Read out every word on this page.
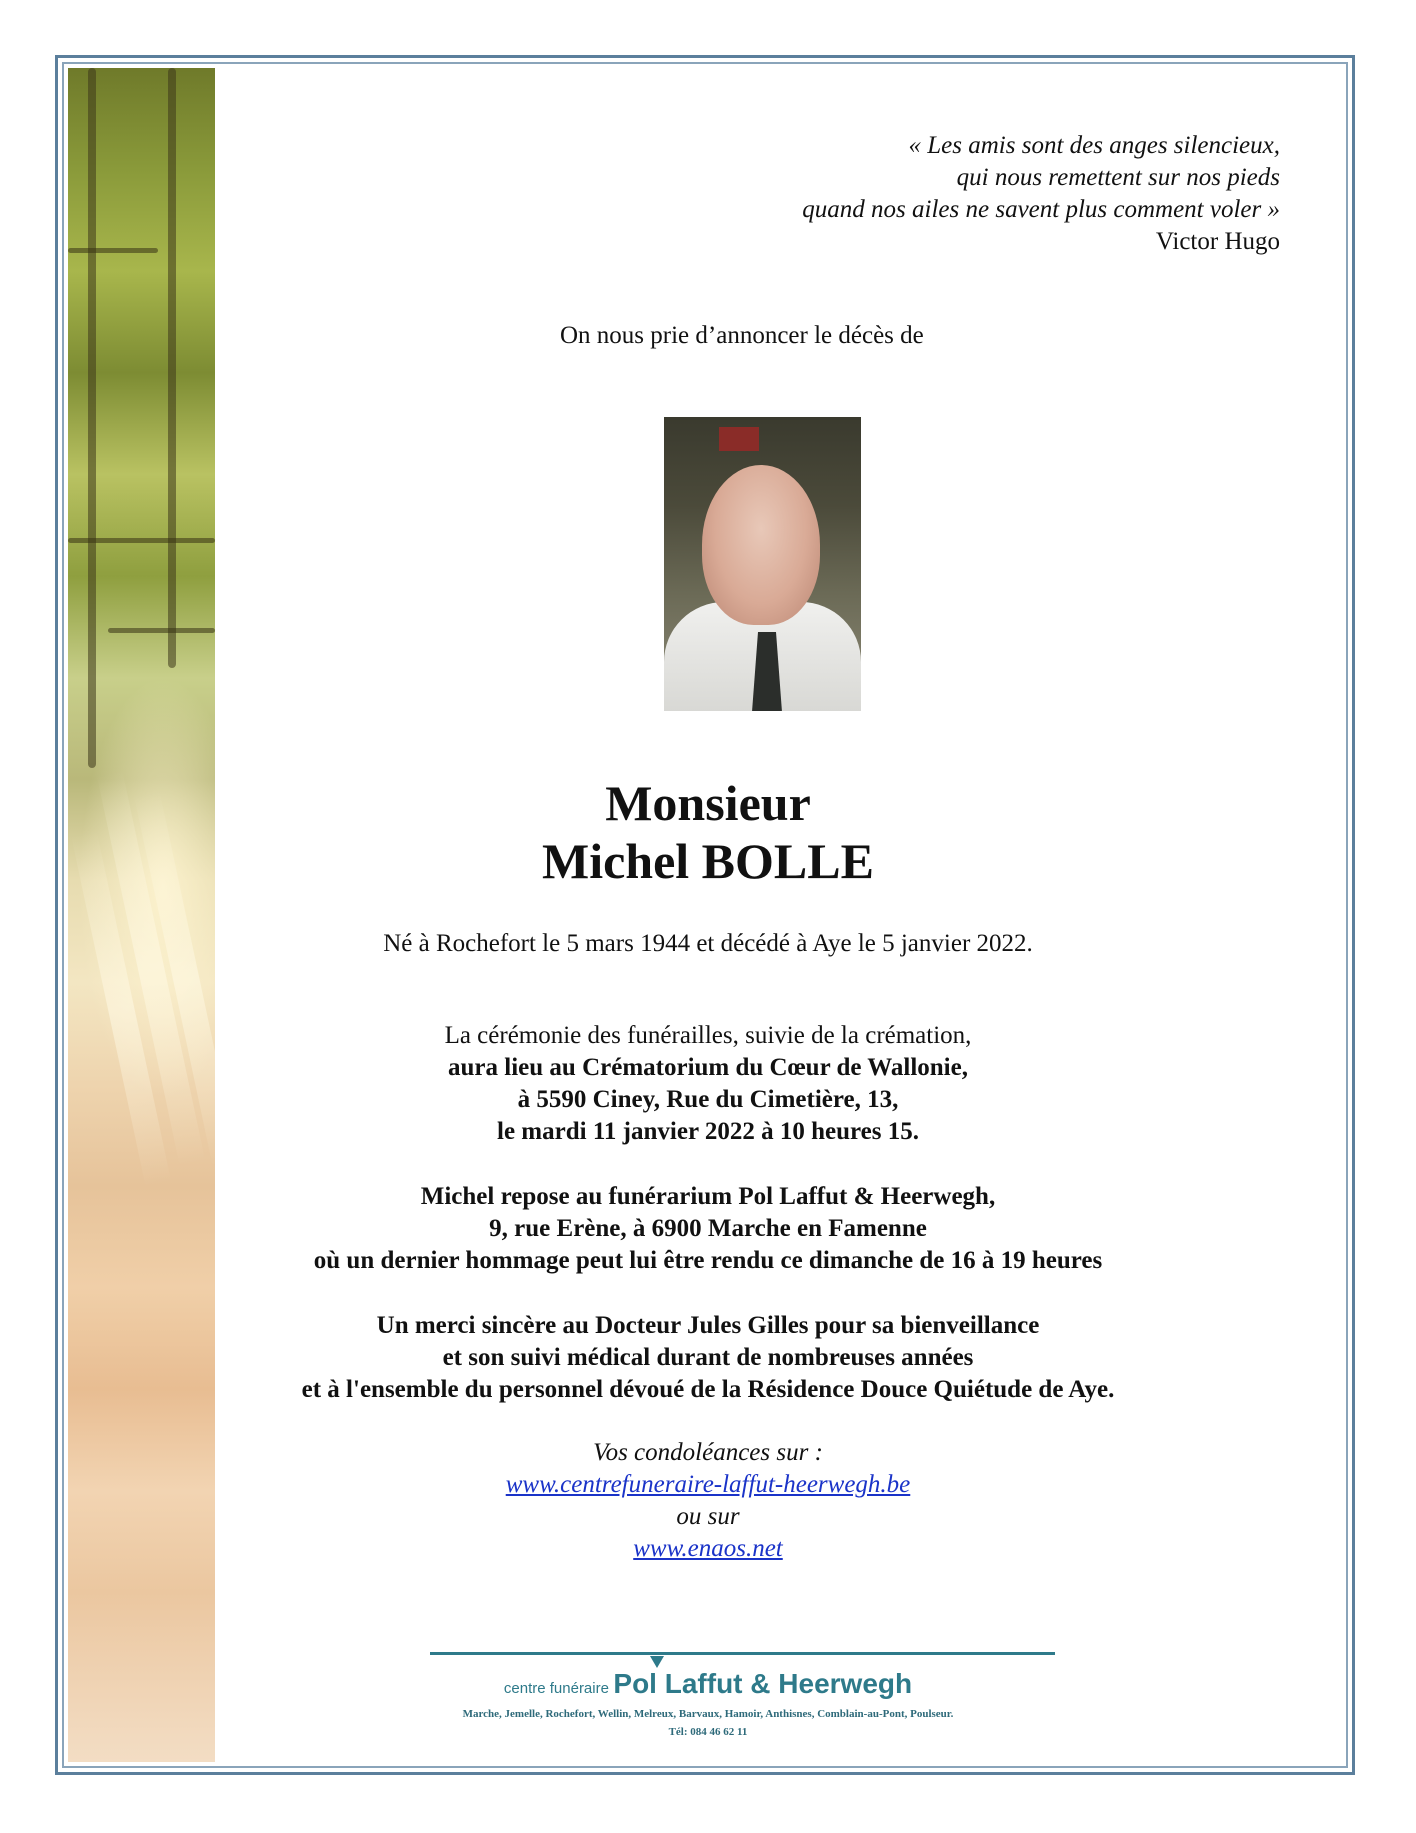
« Les amis sont des anges silencieux,
qui nous remettent sur nos pieds
quand nos ailes ne savent plus comment voler »
Victor Hugo
On nous prie d’annoncer le décès de
Monsieur
Michel BOLLE
Né à Rochefort le 5 mars 1944 et décédé à Aye le 5 janvier 2022.
La cérémonie des funérailles, suivie de la crémation,
aura lieu au Crématorium du Cœur de Wallonie,
à 5590 Ciney, Rue du Cimetière, 13,
le mardi 11 janvier 2022 à 10 heures 15.
Michel repose au funérarium Pol Laffut & Heerwegh,
9, rue Erène, à 6900 Marche en Famenne
où un dernier hommage peut lui être rendu ce dimanche de 16 à 19 heures
Un merci sincère au Docteur Jules Gilles pour sa bienveillance
et son suivi médical durant de nombreuses années
et à l'ensemble du personnel dévoué de la Résidence Douce Quiétude de Aye.
Vos condoléances sur :
www.centrefuneraire-laffut-heerwegh.be
ou sur
www.enaos.net
centre funéraire Pol Laffut & Heerwegh
Marche, Jemelle, Rochefort, Wellin, Melreux, Barvaux, Hamoir, Anthisnes, Comblain-au-Pont, Poulseur.
Tél: 084 46 62 11
